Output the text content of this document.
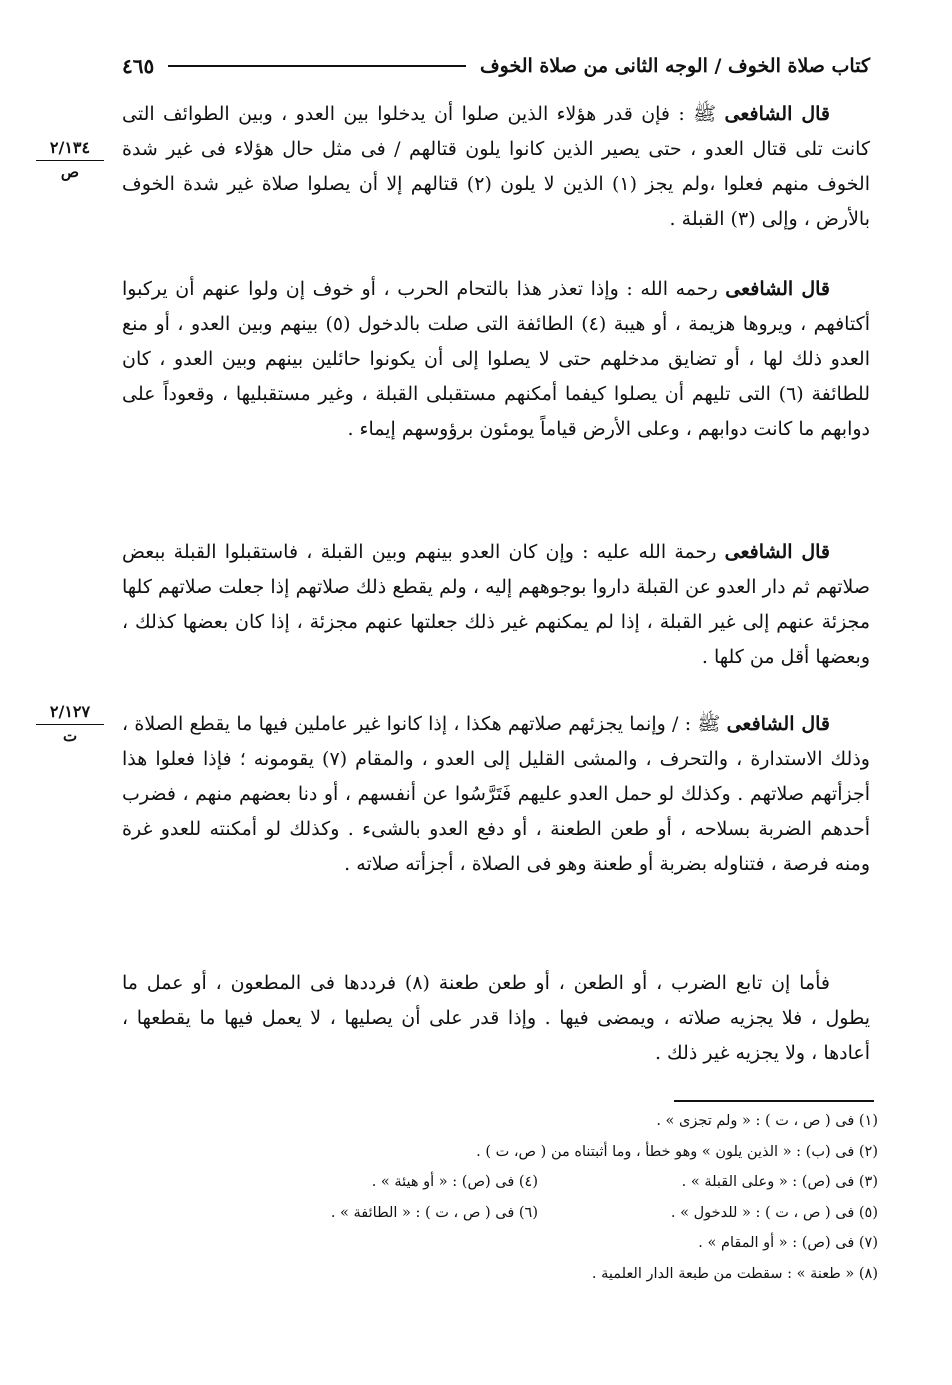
كتاب صلاة الخوف / الوجه الثانى من صلاة الخوف
٤٦٥
٢/١٣٤
ص
٢/١٢٧
ت

قال الشافعى ﷺ : فإن قدر هؤلاء الذين صلوا أن يدخلوا بين العدو ، وبين الطوائف التى كانت تلى قتال العدو ، حتى يصير الذين كانوا يلون قتالهم / فى مثل حال هؤلاء فى غير شدة الخوف منهم فعلوا ،ولم يجز (١) الذين لا يلون (٢) قتالهم إلا أن يصلوا صلاة غير شدة الخوف بالأرض ، وإلى (٣) القبلة .

قال الشافعى رحمه الله : وإذا تعذر هذا بالتحام الحرب ، أو خوف إن ولوا عنهم أن يركبوا أكتافهم ، ويروها هزيمة ، أو هيبة (٤) الطائفة التى صلت بالدخول (٥) بينهم وبين العدو ، أو منع العدو ذلك لها ، أو تضايق مدخلهم حتى لا يصلوا إلى أن يكونوا حائلين بينهم وبين العدو ، كان للطائفة (٦) التى تليهم أن يصلوا كيفما أمكنهم مستقبلى القبلة ، وغير مستقبليها ، وقعوداً على دوابهم ما كانت دوابهم ، وعلى الأرض قياماً يومئون برؤوسهم إيماء .

قال الشافعى رحمة الله عليه : وإن كان العدو بينهم وبين القبلة ، فاستقبلوا القبلة ببعض صلاتهم ثم دار العدو عن القبلة داروا بوجوههم إليه ، ولم يقطع ذلك صلاتهم إذا جعلت صلاتهم كلها مجزئة عنهم إلى غير القبلة ، إذا لم يمكنهم غير ذلك جعلتها عنهم مجزئة ، إذا كان بعضها كذلك ، وبعضها أقل من كلها .

قال الشافعى ﷺ : / وإنما يجزئهم صلاتهم هكذا ، إذا كانوا غير عاملين فيها ما يقطع الصلاة ، وذلك الاستدارة ، والتحرف ، والمشى القليل إلى العدو ، والمقام (٧) يقومونه ؛ فإذا فعلوا هذا أجزأتهم صلاتهم . وكذلك لو حمل العدو عليهم فَتَرَّسُوا عن أنفسهم ، أو دنا بعضهم منهم ، فضرب أحدهم الضربة بسلاحه ، أو طعن الطعنة ، أو دفع العدو بالشىء . وكذلك لو أمكنته للعدو غرة ومنه فرصة ، فتناوله بضربة أو طعنة وهو فى الصلاة ، أجزأته صلاته .

فأما إن تابع الضرب ، أو الطعن ، أو طعن طعنة (٨) فرددها فى المطعون ، أو عمل ما يطول ، فلا يجزيه صلاته ، ويمضى فيها . وإذا قدر على أن يصليها ، لا يعمل فيها ما يقطعها ، أعادها ، ولا يجزيه غير ذلك .

(١) فى ( ص ، ت ) : « ولم تجزى » .
(٢) فى (ب) : « الذين يلون » وهو خطأ ، وما أثبتناه من ( ص، ت ) .
(٣) فى (ص) : « وعلى القبلة » .
(٤) فى (ص) : « أو هيئة » .
(٥) فى ( ص ، ت ) : « للدخول » .
(٦) فى ( ص ، ت ) : « الطائفة » .
(٧) فى (ص) : « أو المقام » .
(٨) « طعنة » : سقطت من طبعة الدار العلمية .
